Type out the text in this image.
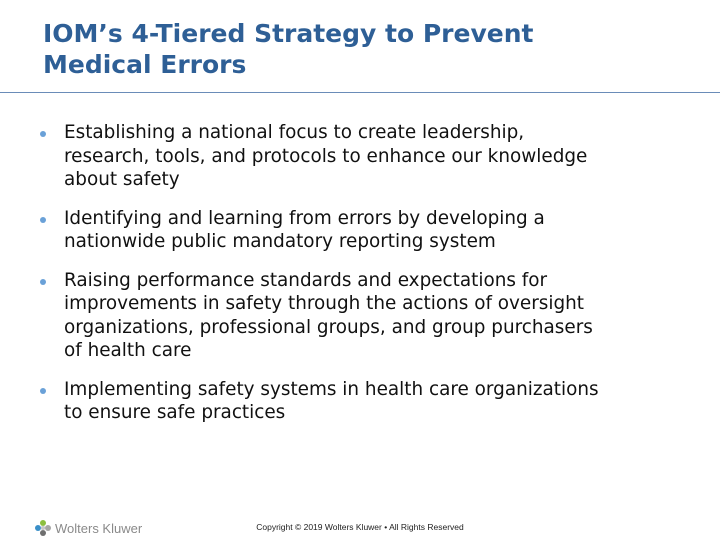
IOM’s 4-Tiered Strategy to Prevent
Medical Errors
Establishing a national focus to create leadership,
research, tools, and protocols to enhance our knowledge
about safety
Identifying and learning from errors by developing a
nationwide public mandatory reporting system
Raising performance standards and expectations for
improvements in safety through the actions of oversight
organizations, professional groups, and group purchasers
of health care
Implementing safety systems in health care organizations
to ensure safe practices
Wolters Kluwer	Copyright © 2019 Wolters Kluwer • All Rights Reserved
